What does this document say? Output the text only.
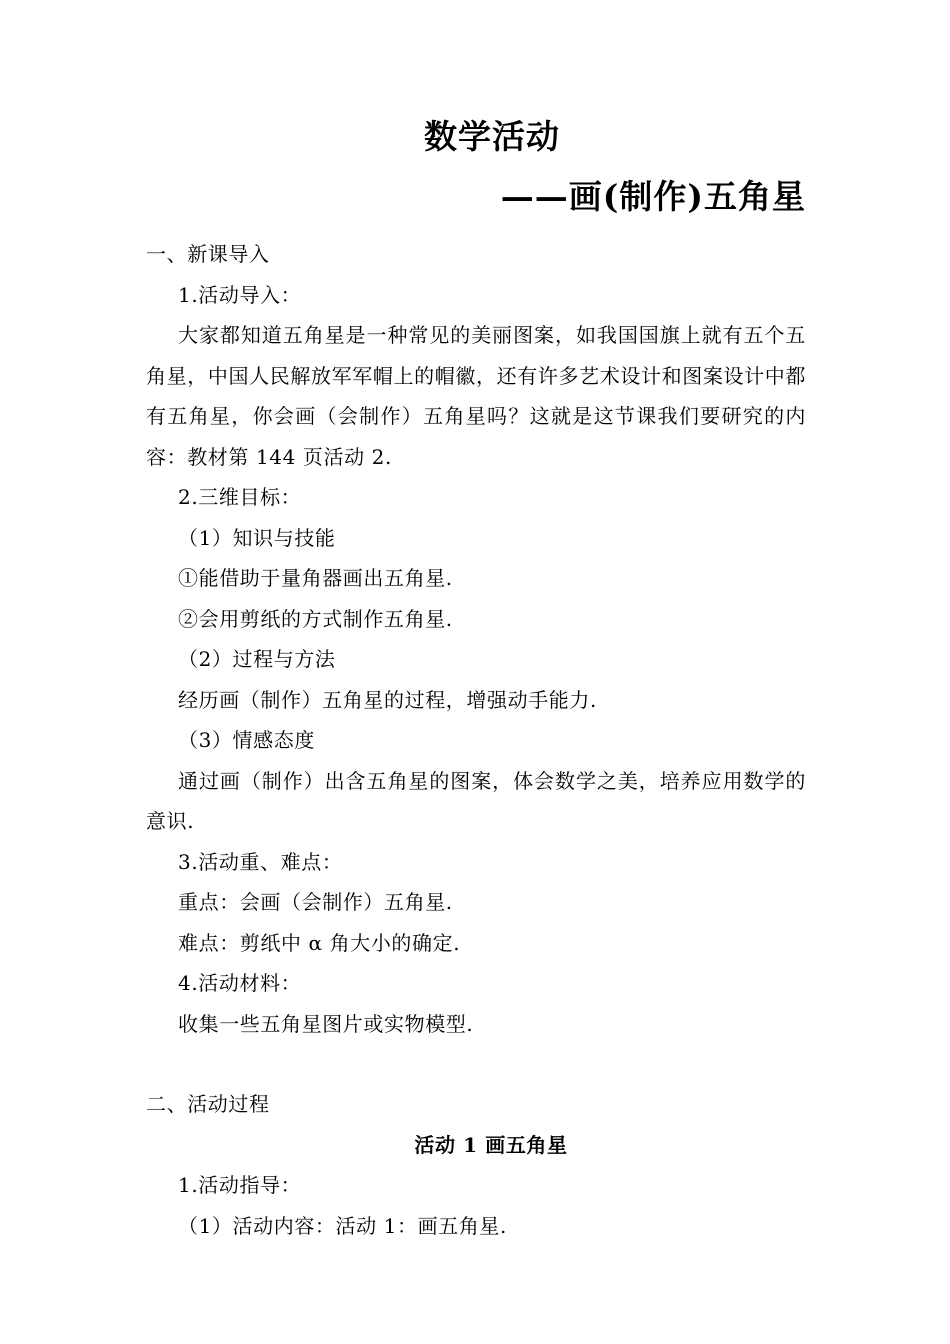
数学活动
——画(制作)五角星

一、新课导入

1.活动导入：

大家都知道五角星是一种常见的美丽图案，如我国国旗上就有五个五角星，中国人民解放军军帽上的帽徽，还有许多艺术设计和图案设计中都有五角星，你会画（会制作）五角星吗？这就是这节课我们要研究的内容：教材第 144 页活动 2.

2.三维目标：

（1）知识与技能

①能借助于量角器画出五角星.

②会用剪纸的方式制作五角星.

（2）过程与方法

经历画（制作）五角星的过程，增强动手能力.

（3）情感态度

通过画（制作）出含五角星的图案，体会数学之美，培养应用数学的意识.

3.活动重、难点：

重点：会画（会制作）五角星.

难点：剪纸中 α 角大小的确定.

4.活动材料：

收集一些五角星图片或实物模型.

二、活动过程

活动 1 画五角星

1.活动指导：

（1）活动内容：活动 1：画五角星.
